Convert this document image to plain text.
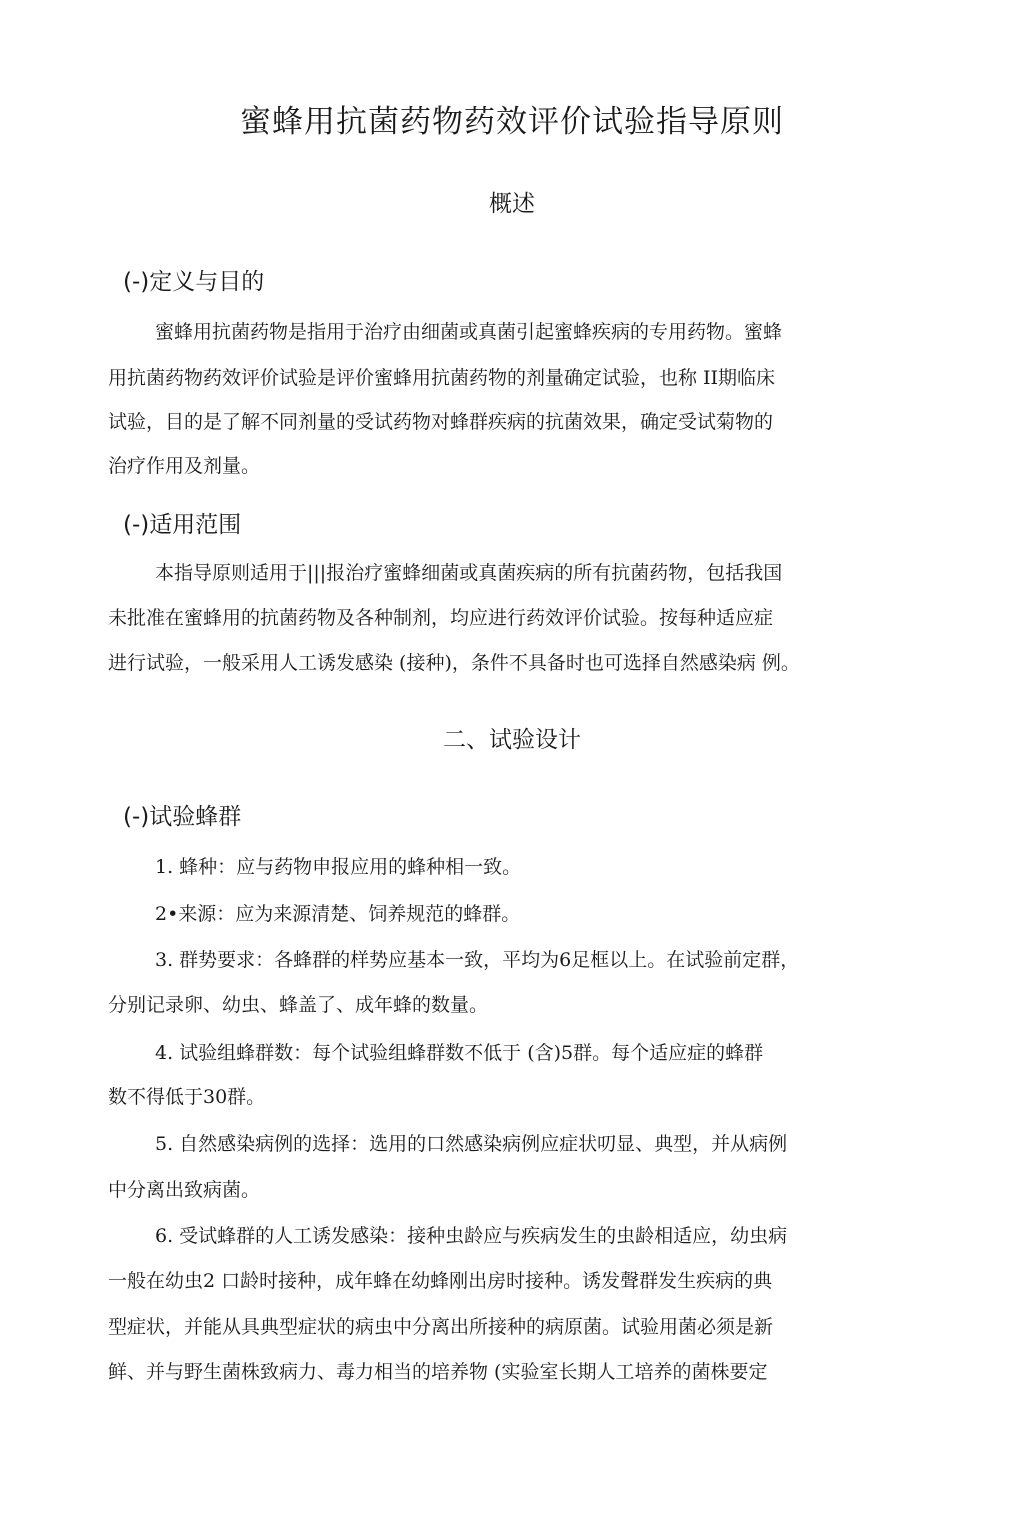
蜜蜂用抗菌药物药效评价试验指导原则
概述
(-)定义与目的

蜜蜂用抗菌药物是指用于治疗由细菌或真菌引起蜜蜂疾病的专用药物。蜜蜂

用抗菌药物药效评价试验是评价蜜蜂用抗菌药物的剂量确定试验，也称 II期临床

试验，目的是了解不同剂量的受试药物对蜂群疾病的抗菌效果，确定受试菊物的

治疗作用及剂量。

(-)适用范围

本指导原则适用于|||报治疗蜜蜂细菌或真菌疾病的所有抗菌药物，包括我国

未批准在蜜蜂用的抗菌药物及各种制剂，均应进行药效评价试验。按每种适应症

进行试验，一般采用人工诱发感染 (接种)，条件不具备时也可选择自然感染病 例。

二、试验设计
(-)试验蜂群

1. 蜂种：应与药物申报应用的蜂种相一致。

2•来源：应为来源清楚、饲养规范的蜂群。

3. 群势要求：各蜂群的样势应基本一致，平均为6足框以上。在试验前定群，

分别记录卵、幼虫、蜂盖了、成年蜂的数量。

4. 试验组蜂群数：每个试验组蜂群数不低于 (含)5群。每个适应症的蜂群

数不得低于30群。

5. 自然感染病例的选择：选用的口然感染病例应症状叨显、典型，并从病例

中分离出致病菌。

6. 受试蜂群的人工诱发感染：接种虫龄应与疾病发生的虫龄相适应，幼虫病

一般在幼虫2 口龄时接种，成年蜂在幼蜂刚出房时接种。诱发聲群发生疾病的典

型症状，并能从具典型症状的病虫中分离出所接种的病原菌。试验用菌必须是新

鲜、并与野生菌株致病力、毒力相当的培养物 (实验室长期人工培养的菌株要定
